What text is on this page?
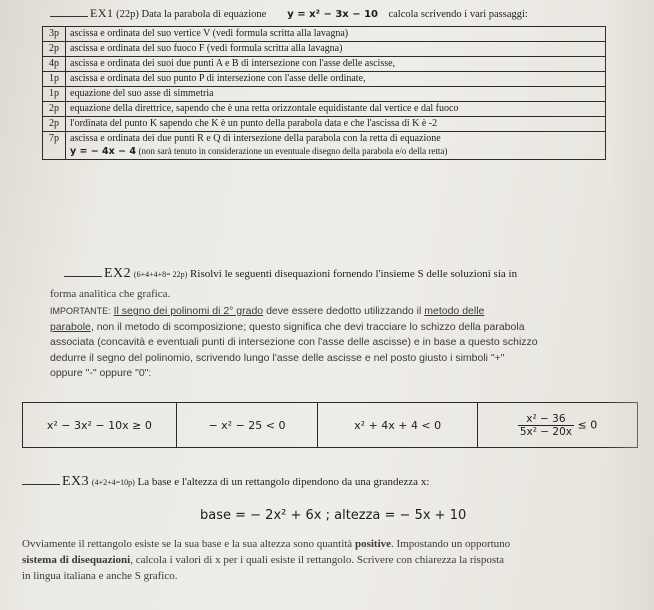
EX1 (22p) Data la parabola di equazione y = x² − 3x − 10 calcola scrivendo i vari passaggi:
3p	ascissa e ordinata del suo vertice V (vedi formula scritta alla lavagna)
2p	ascissa e ordinata del suo fuoco F (vedi formula scritta alla lavagna)
4p	ascissa e ordinata dei suoi due punti A e B di intersezione con l'asse delle ascisse,
1p	ascissa e ordinata del suo punto P di intersezione con l'asse delle ordinate,
1p	equazione del suo asse di simmetria
2p	equazione della direttrice, sapendo che è una retta orizzontale equidistante dal vertice e dal fuoco
2p	l'ordinata del punto K sapendo che K è un punto della parabola data e che l'ascissa di K è -2
7p	ascissa e ordinata dei due punti R e Q di intersezione della parabola con la retta di equazione
y = − 4x − 4 (non sarà tenuto in considerazione un eventuale disegno della parabola e/o della retta)
EX2 (6+4+4+8= 22p) Risolvi le seguenti disequazioni fornendo l'insieme S delle soluzioni sia in
forma analitica che grafica.
IMPORTANTE: Il segno dei polinomi di 2° grado deve essere dedotto utilizzando il metodo delle
parabole, non il metodo di scomposizione; questo significa che devi tracciare lo schizzo della parabola
associata (concavità e eventuali punti di intersezione con l'asse delle ascisse) e in base a questo schizzo
dedurre il segno del polinomio, scrivendo lungo l'asse delle ascisse e nel posto giusto i simboli "+"
oppure "-" oppure "0":
x² − 3x² − 10x ≥ 0	− x² − 25 < 0	x² + 4x + 4 < 0	$\frac{\text{x² − 36}}{\text{5x² − 20x}} \le 0$
EX3 (4+2+4=10p) La base e l'altezza di un rettangolo dipendono da una grandezza x:
base = − 2x² + 6x ; altezza = − 5x + 10
Ovviamente il rettangolo esiste se la sua base e la sua altezza sono quantità positive. Impostando un opportuno
sistema di disequazioni, calcola i valori di x per i quali esiste il rettangolo. Scrivere con chiarezza la risposta
in lingua italiana e anche S grafico.
